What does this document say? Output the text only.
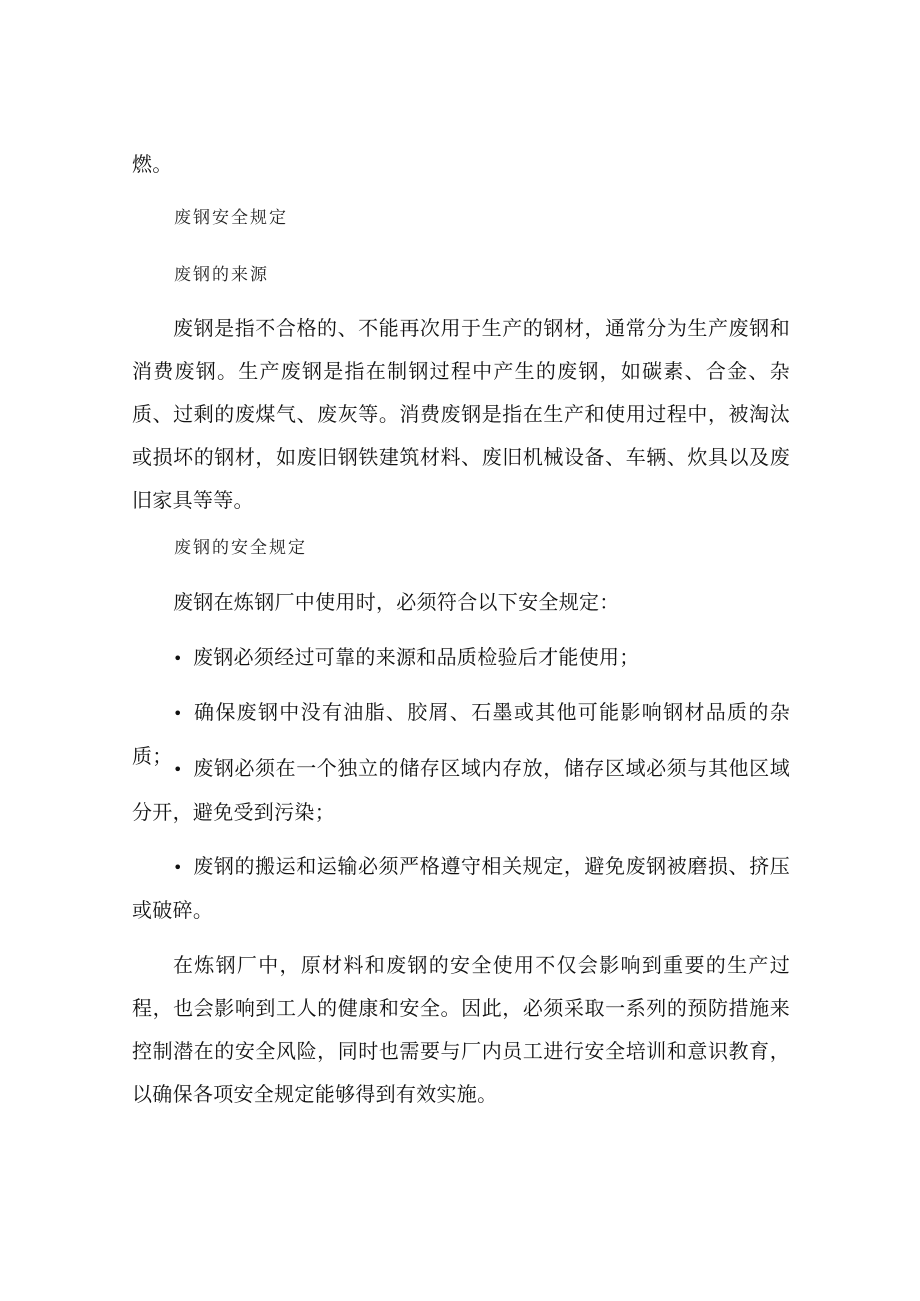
燃。
废钢安全规定
废钢的来源

废钢是指不合格的、不能再次用于生产的钢材，通常分为生产废钢和消费废钢。生产废钢是指在制钢过程中产生的废钢，如碳素、合金、杂质、过剩的废煤气、废灰等。消费废钢是指在生产和使用过程中，被淘汰或损坏的钢材，如废旧钢铁建筑材料、废旧机械设备、车辆、炊具以及废旧家具等等。

废钢的安全规定

废钢在炼钢厂中使用时，必须符合以下安全规定：

• 废钢必须经过可靠的来源和品质检验后才能使用；

• 确保废钢中没有油脂、胶屑、石墨或其他可能影响钢材品质的杂质；

• 废钢必须在一个独立的储存区域内存放，储存区域必须与其他区域分开，避免受到污染；

• 废钢的搬运和运输必须严格遵守相关规定，避免废钢被磨损、挤压或破碎。

在炼钢厂中，原材料和废钢的安全使用不仅会影响到重要的生产过程，也会影响到工人的健康和安全。因此，必须采取一系列的预防措施来控制潜在的安全风险，同时也需要与厂内员工进行安全培训和意识教育，以确保各项安全规定能够得到有效实施。
